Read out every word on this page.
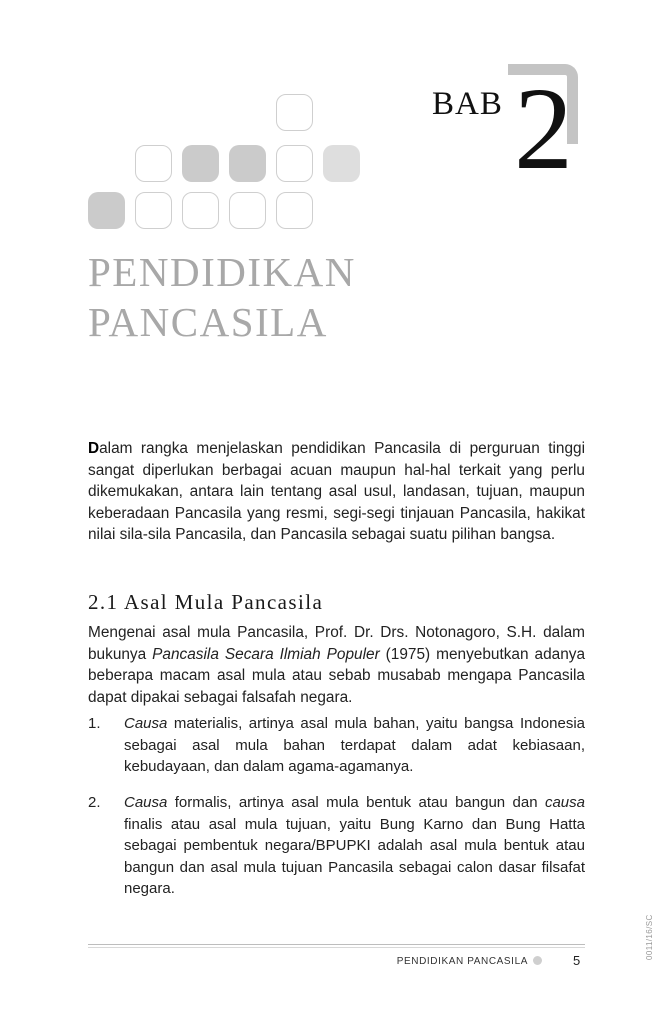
BAB 2
PENDIDIKAN
PANCASILA

Dalam rangka menjelaskan pendidikan Pancasila di perguruan tinggi sangat diperlukan berbagai acuan maupun hal-hal terkait yang perlu dikemukakan, antara lain tentang asal usul, landasan, tujuan, maupun keberadaan Pancasila yang resmi, segi-segi tinjauan Pancasila, hakikat nilai sila-sila Pancasila, dan Pancasila sebagai suatu pilihan bangsa.

2.1 Asal Mula Pancasila

Mengenai asal mula Pancasila, Prof. Dr. Drs. Notonagoro, S.H. dalam bukunya Pancasila Secara Ilmiah Populer (1975) menyebutkan adanya beberapa macam asal mula atau sebab musabab mengapa Pancasila dapat dipakai sebagai falsafah negara.

1. Causa materialis, artinya asal mula bahan, yaitu bangsa Indonesia sebagai asal mula bahan terdapat dalam adat kebiasaan, kebudayaan, dan dalam agama-agamanya.

2. Causa formalis, artinya asal mula bentuk atau bangun dan causa finalis atau asal mula tujuan, yaitu Bung Karno dan Bung Hatta sebagai pembentuk negara/BPUPKI adalah asal mula bentuk atau bangun dan asal mula tujuan Pancasila sebagai calon dasar filsafat negara.

PENDIDIKAN PANCASILA	5
0011/16/SC
